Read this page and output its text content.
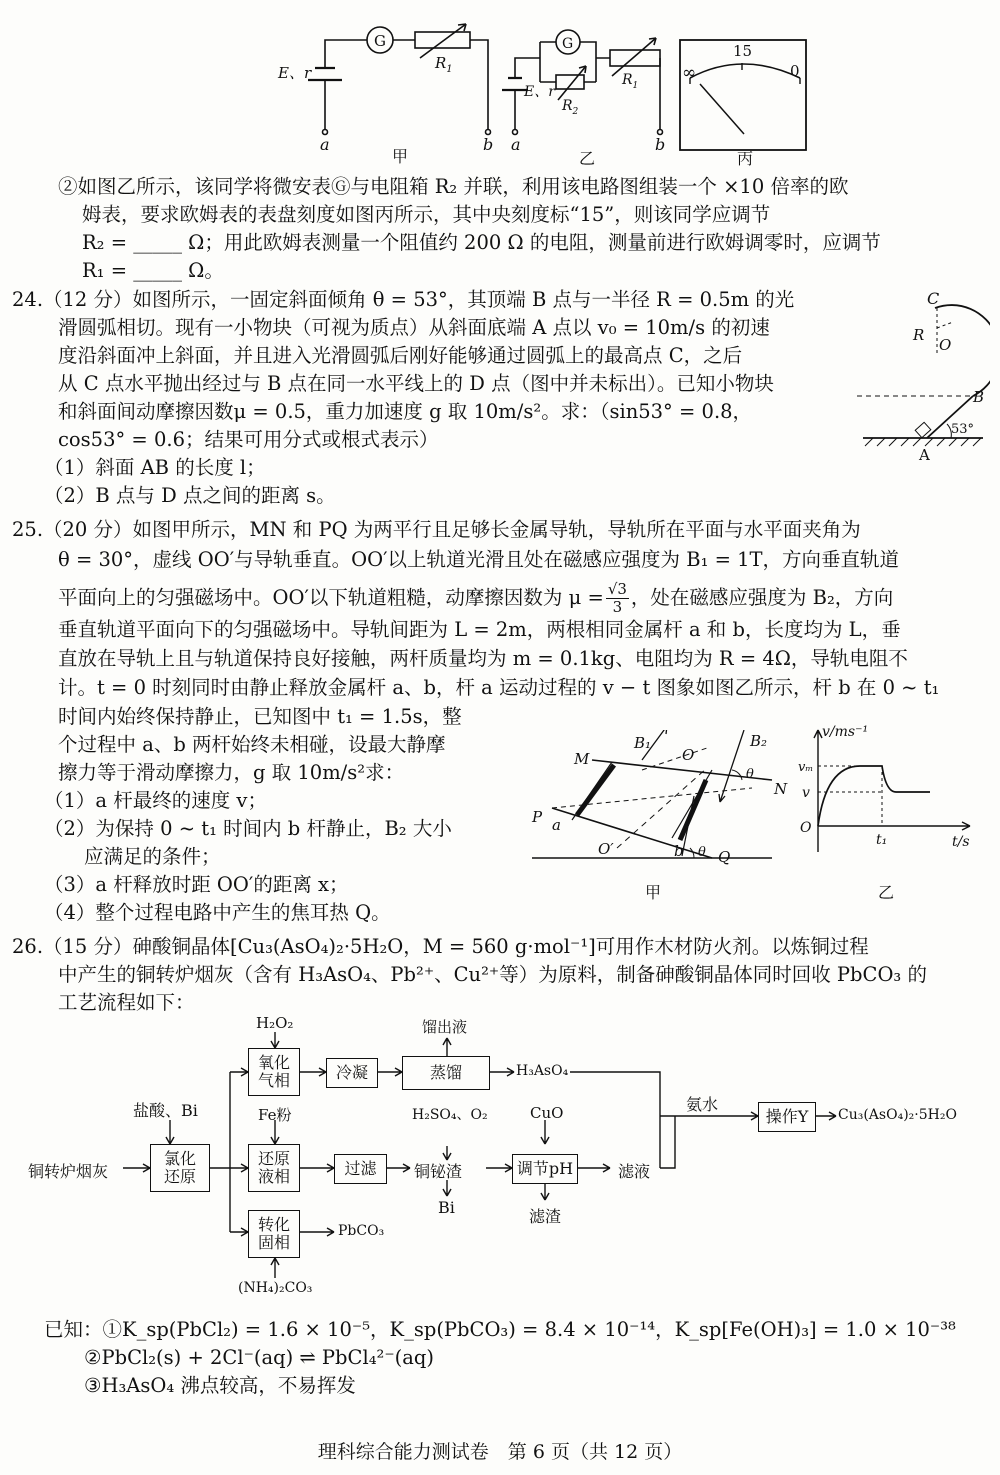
G
E、r
$R_1$
a	b
甲
G
E、r
$R_2$
$R_1$
a	b
乙
∞
15
0
丙
②如图乙所示，该同学将微安表Ⓖ与电阻箱 R₂ 并联，利用该电路图组装一个 ×10 倍率的欧
姆表，要求欧姆表的表盘刻度如图丙所示，其中央刻度标“15”，则该同学应调节
R₂ = _____ Ω；用此欧姆表测量一个阻值约 200 Ω 的电阻，测量前进行欧姆调零时，应调节
R₁ = _____ Ω。
24.（12 分）如图所示，一固定斜面倾角 θ = 53°，其顶端 B 点与一半径 R = 0.5m 的光
滑圆弧相切。现有一小物块（可视为质点）从斜面底端 A 点以 v₀ = 10m/s 的初速
度沿斜面冲上斜面，并且进入光滑圆弧后刚好能够通过圆弧上的最高点 C，之后
从 C 点水平抛出经过与 B 点在同一水平线上的 D 点（图中并未标出）。已知小物块
和斜面间动摩擦因数μ = 0.5，重力加速度 g 取 10m/s²。求：（sin53° = 0.8，
cos53° = 0.6；结果可用分式或根式表示）
（1）斜面 AB 的长度 l；
（2）B 点与 D 点之间的距离 s。
C
R
O
B
A
53°
25.（20 分）如图甲所示，MN 和 PQ 为两平行且足够长金属导轨，导轨所在平面与水平面夹角为
θ = 30°，虚线 OO′与导轨垂直。OO′以上轨道光滑且处在磁感应强度为 B₁ = 1T，方向垂直轨道
平面向上的匀强磁场中。OO′以下轨道粗糙，动摩擦因数为 $\mu = \frac{√3}{3}$ ，处在磁感应强度为 B₂，方向
垂直轨道平面向下的匀强磁场中。导轨间距为 L = 2m，两根相同金属杆 a 和 b，长度均为 L，垂
直放在导轨上且与轨道保持良好接触，两杆质量均为 m = 0.1kg、电阻均为 R = 4Ω，导轨电阻不
计。t = 0 时刻同时由静止释放金属杆 a、b，杆 a 运动过程的 v − t 图象如图乙所示，杆 b 在 0 ~ t₁
时间内始终保持静止，已知图中 t₁ = 1.5s，整
个过程中 a、b 两杆始终未相碰，设最大静摩
擦力等于滑动摩擦力，g 取 10m/s²求：
（1）a 杆最终的速度 v；
（2）为保持 0 ~ t₁ 时间内 b 杆静止，B₂ 大小
应满足的条件；
（3）a 杆释放时距 OO′的距离 x；
（4）整个过程电路中产生的焦耳热 Q。
M
N
P
Q
O
O′
a
b
B₁	B₂
θ
θ
甲
v/ms⁻¹
t/s
vₘ
v
O
t₁
乙
26.（15 分）砷酸铜晶体[Cu₃(AsO₄)₂·5H₂O，M = 560 g·mol⁻¹]可用作木材防火剂。以炼铜过程
中产生的铜转炉烟灰（含有 H₃AsO₄、Pb²⁺、Cu²⁺等）为原料，制备砷酸铜晶体同时回收 PbCO₃ 的
工艺流程如下：
铜转炉烟灰
盐酸、Bi
氯化
还原
H₂O₂
氧化
气相	冷凝
馏出液
蒸馏	H₃AsO₄
Fe粉
还原
液相	过滤
H₂SO₄、O₂
铜铋渣
Bi
CuO
调节pH
滤渣
滤液
氨水
操作Y	Cu₃(AsO₄)₂·5H₂O
转化
固相
PbCO₃
(NH₄)₂CO₃
已知：①K_sp(PbCl₂) = 1.6 × 10⁻⁵，K_sp(PbCO₃) = 8.4 × 10⁻¹⁴，K_sp[Fe(OH)₃] = 1.0 × 10⁻³⁸
②PbCl₂(s) + 2Cl⁻(aq) ⇌ PbCl₄²⁻(aq)
③H₃AsO₄ 沸点较高，不易挥发
理科综合能力测试卷　第 6 页（共 12 页）
